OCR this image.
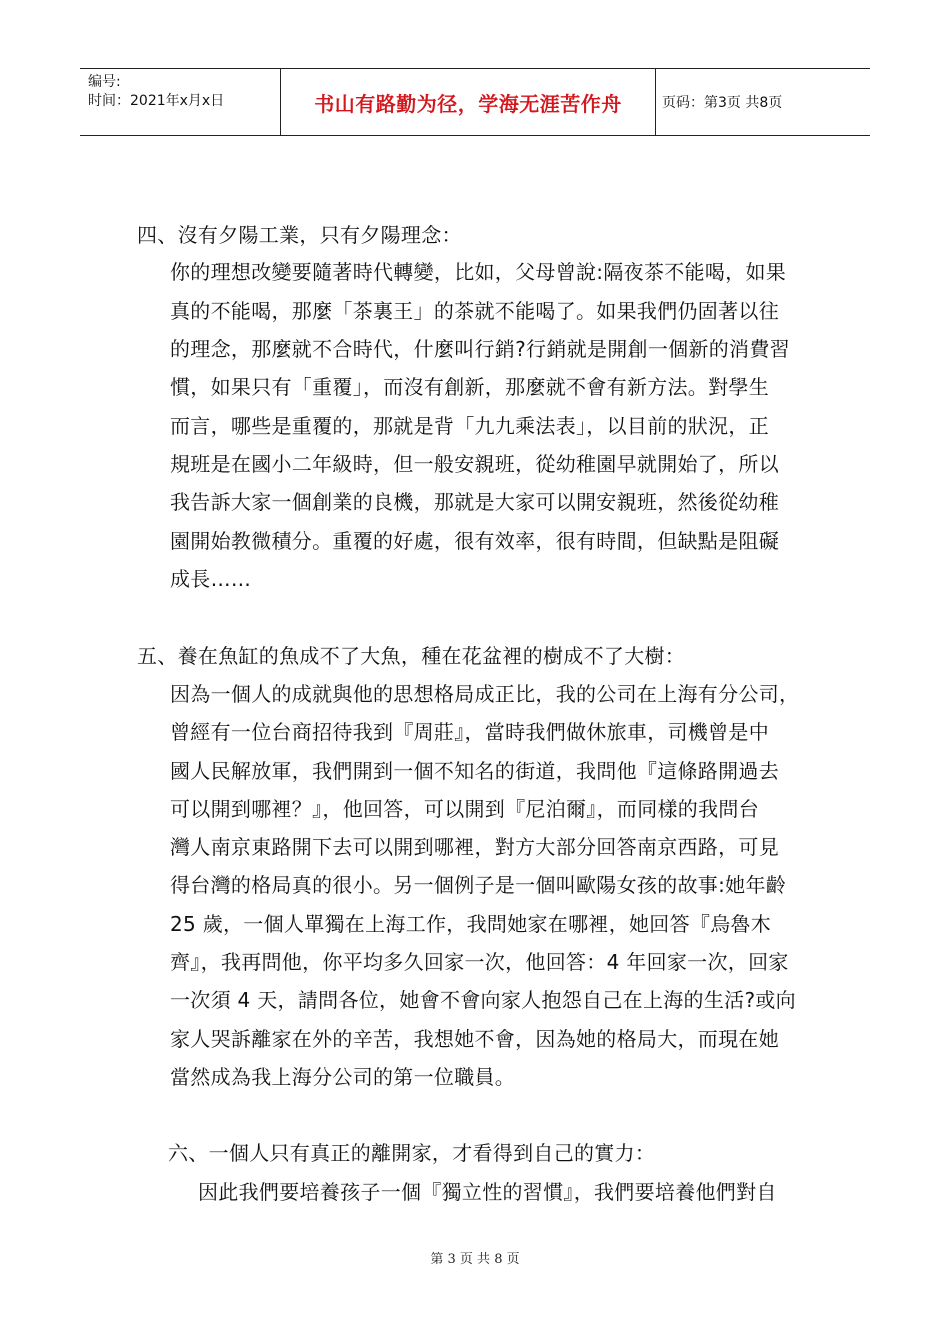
编号:
时间：2021年x月x日	书山有路勤为径，学海无涯苦作舟	页码：第3页 共8页

四、沒有夕陽工業，只有夕陽理念：

你的理想改變要隨著時代轉變，比如，父母曾說:隔夜茶不能喝，如果

真的不能喝，那麼「茶裏王」的茶就不能喝了。如果我們仍固著以往

的理念，那麼就不合時代，什麼叫行銷?行銷就是開創一個新的消費習

慣，如果只有「重覆」，而沒有創新，那麼就不會有新方法。對學生

而言，哪些是重覆的，那就是背「九九乘法表」，以目前的狀況，正

規班是在國小二年級時，但一般安親班，從幼稚園早就開始了，所以

我告訴大家一個創業的良機，那就是大家可以開安親班，然後從幼稚

園開始教微積分。重覆的好處，很有效率，很有時間，但缺點是阻礙

成長……

五、養在魚缸的魚成不了大魚，種在花盆裡的樹成不了大樹：

因為一個人的成就與他的思想格局成正比，我的公司在上海有分公司，

曾經有一位台商招待我到『周莊』，當時我們做休旅車，司機曾是中

國人民解放軍，我們開到一個不知名的街道，我問他『這條路開過去

可以開到哪裡？』，他回答，可以開到『尼泊爾』，而同樣的我問台

灣人南京東路開下去可以開到哪裡，對方大部分回答南京西路，可見

得台灣的格局真的很小。另一個例子是一個叫歐陽女孩的故事:她年齡

25 歲，一個人單獨在上海工作，我問她家在哪裡，她回答『烏魯木

齊』，我再問他，你平均多久回家一次，他回答：4 年回家一次，回家

一次須 4 天，請問各位，她會不會向家人抱怨自己在上海的生活?或向

家人哭訴離家在外的辛苦，我想她不會，因為她的格局大，而現在她

當然成為我上海分公司的第一位職員。

六、一個人只有真正的離開家，才看得到自己的實力：

因此我們要培養孩子一個『獨立性的習慣』，我們要培養他們對自

第 3 页 共 8 页
